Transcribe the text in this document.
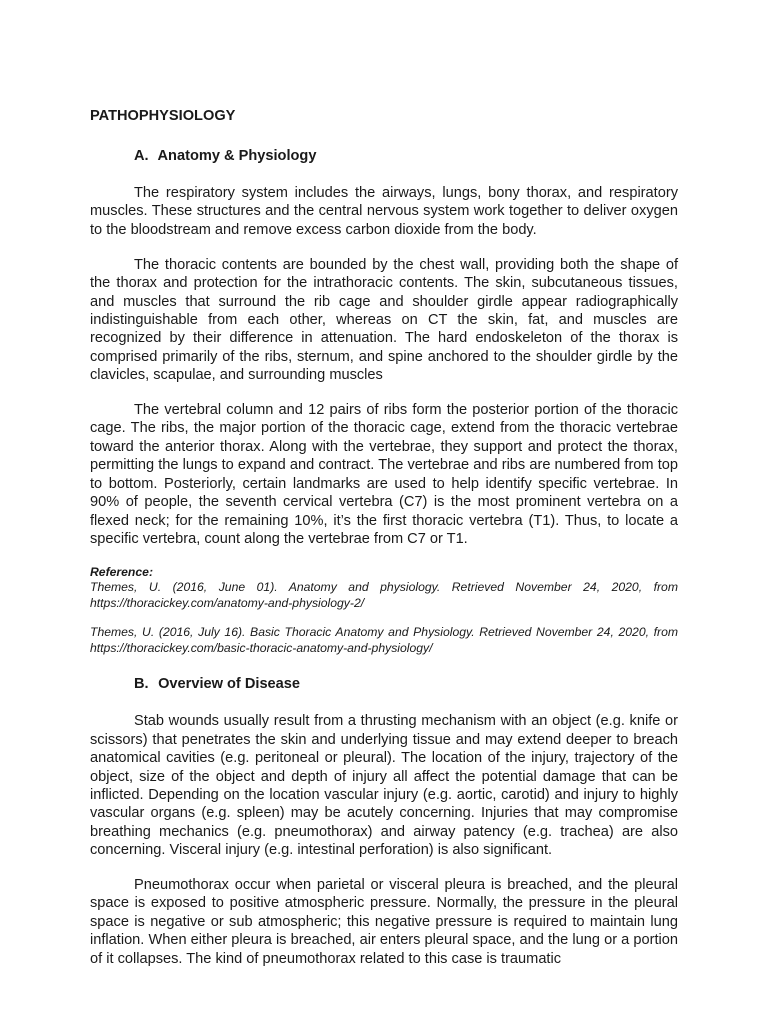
PATHOPHYSIOLOGY
A. Anatomy & Physiology

The respiratory system includes the airways, lungs, bony thorax, and respiratory muscles. These structures and the central nervous system work together to deliver oxygen to the bloodstream and remove excess carbon dioxide from the body.

The thoracic contents are bounded by the chest wall, providing both the shape of the thorax and protection for the intrathoracic contents. The skin, subcutaneous tissues, and muscles that surround the rib cage and shoulder girdle appear radiographically indistinguishable from each other, whereas on CT the skin, fat, and muscles are recognized by their difference in attenuation. The hard endoskeleton of the thorax is comprised primarily of the ribs, sternum, and spine anchored to the shoulder girdle by the clavicles, scapulae, and surrounding muscles

The vertebral column and 12 pairs of ribs form the posterior portion of the thoracic cage. The ribs, the major portion of the thoracic cage, extend from the thoracic vertebrae toward the anterior thorax. Along with the vertebrae, they support and protect the thorax, permitting the lungs to expand and contract. The vertebrae and ribs are numbered from top to bottom. Posteriorly, certain landmarks are used to help identify specific vertebrae. In 90% of people, the seventh cervical vertebra (C7) is the most prominent vertebra on a flexed neck; for the remaining 10%, it’s the first thoracic vertebra (T1). Thus, to locate a specific vertebra, count along the vertebrae from C7 or T1.

Reference:
Themes, U. (2016, June 01). Anatomy and physiology. Retrieved November 24, 2020, from https://thoracickey.com/anatomy-and-physiology-2/
Themes, U. (2016, July 16). Basic Thoracic Anatomy and Physiology. Retrieved November 24, 2020, from https://thoracickey.com/basic-thoracic-anatomy-and-physiology/
B. Overview of Disease

Stab wounds usually result from a thrusting mechanism with an object (e.g. knife or scissors) that penetrates the skin and underlying tissue and may extend deeper to breach anatomical cavities (e.g. peritoneal or pleural). The location of the injury, trajectory of the object, size of the object and depth of injury all affect the potential damage that can be inflicted. Depending on the location vascular injury (e.g. aortic, carotid) and injury to highly vascular organs (e.g. spleen) may be acutely concerning. Injuries that may compromise breathing mechanics (e.g. pneumothorax) and airway patency (e.g. trachea) are also concerning. Visceral injury (e.g. intestinal perforation) is also significant.

Pneumothorax occur when parietal or visceral pleura is breached, and the pleural space is exposed to positive atmospheric pressure. Normally, the pressure in the pleural space is negative or sub atmospheric; this negative pressure is required to maintain lung inflation. When either pleura is breached, air enters pleural space, and the lung or a portion of it collapses. The kind of pneumothorax related to this case is traumatic
